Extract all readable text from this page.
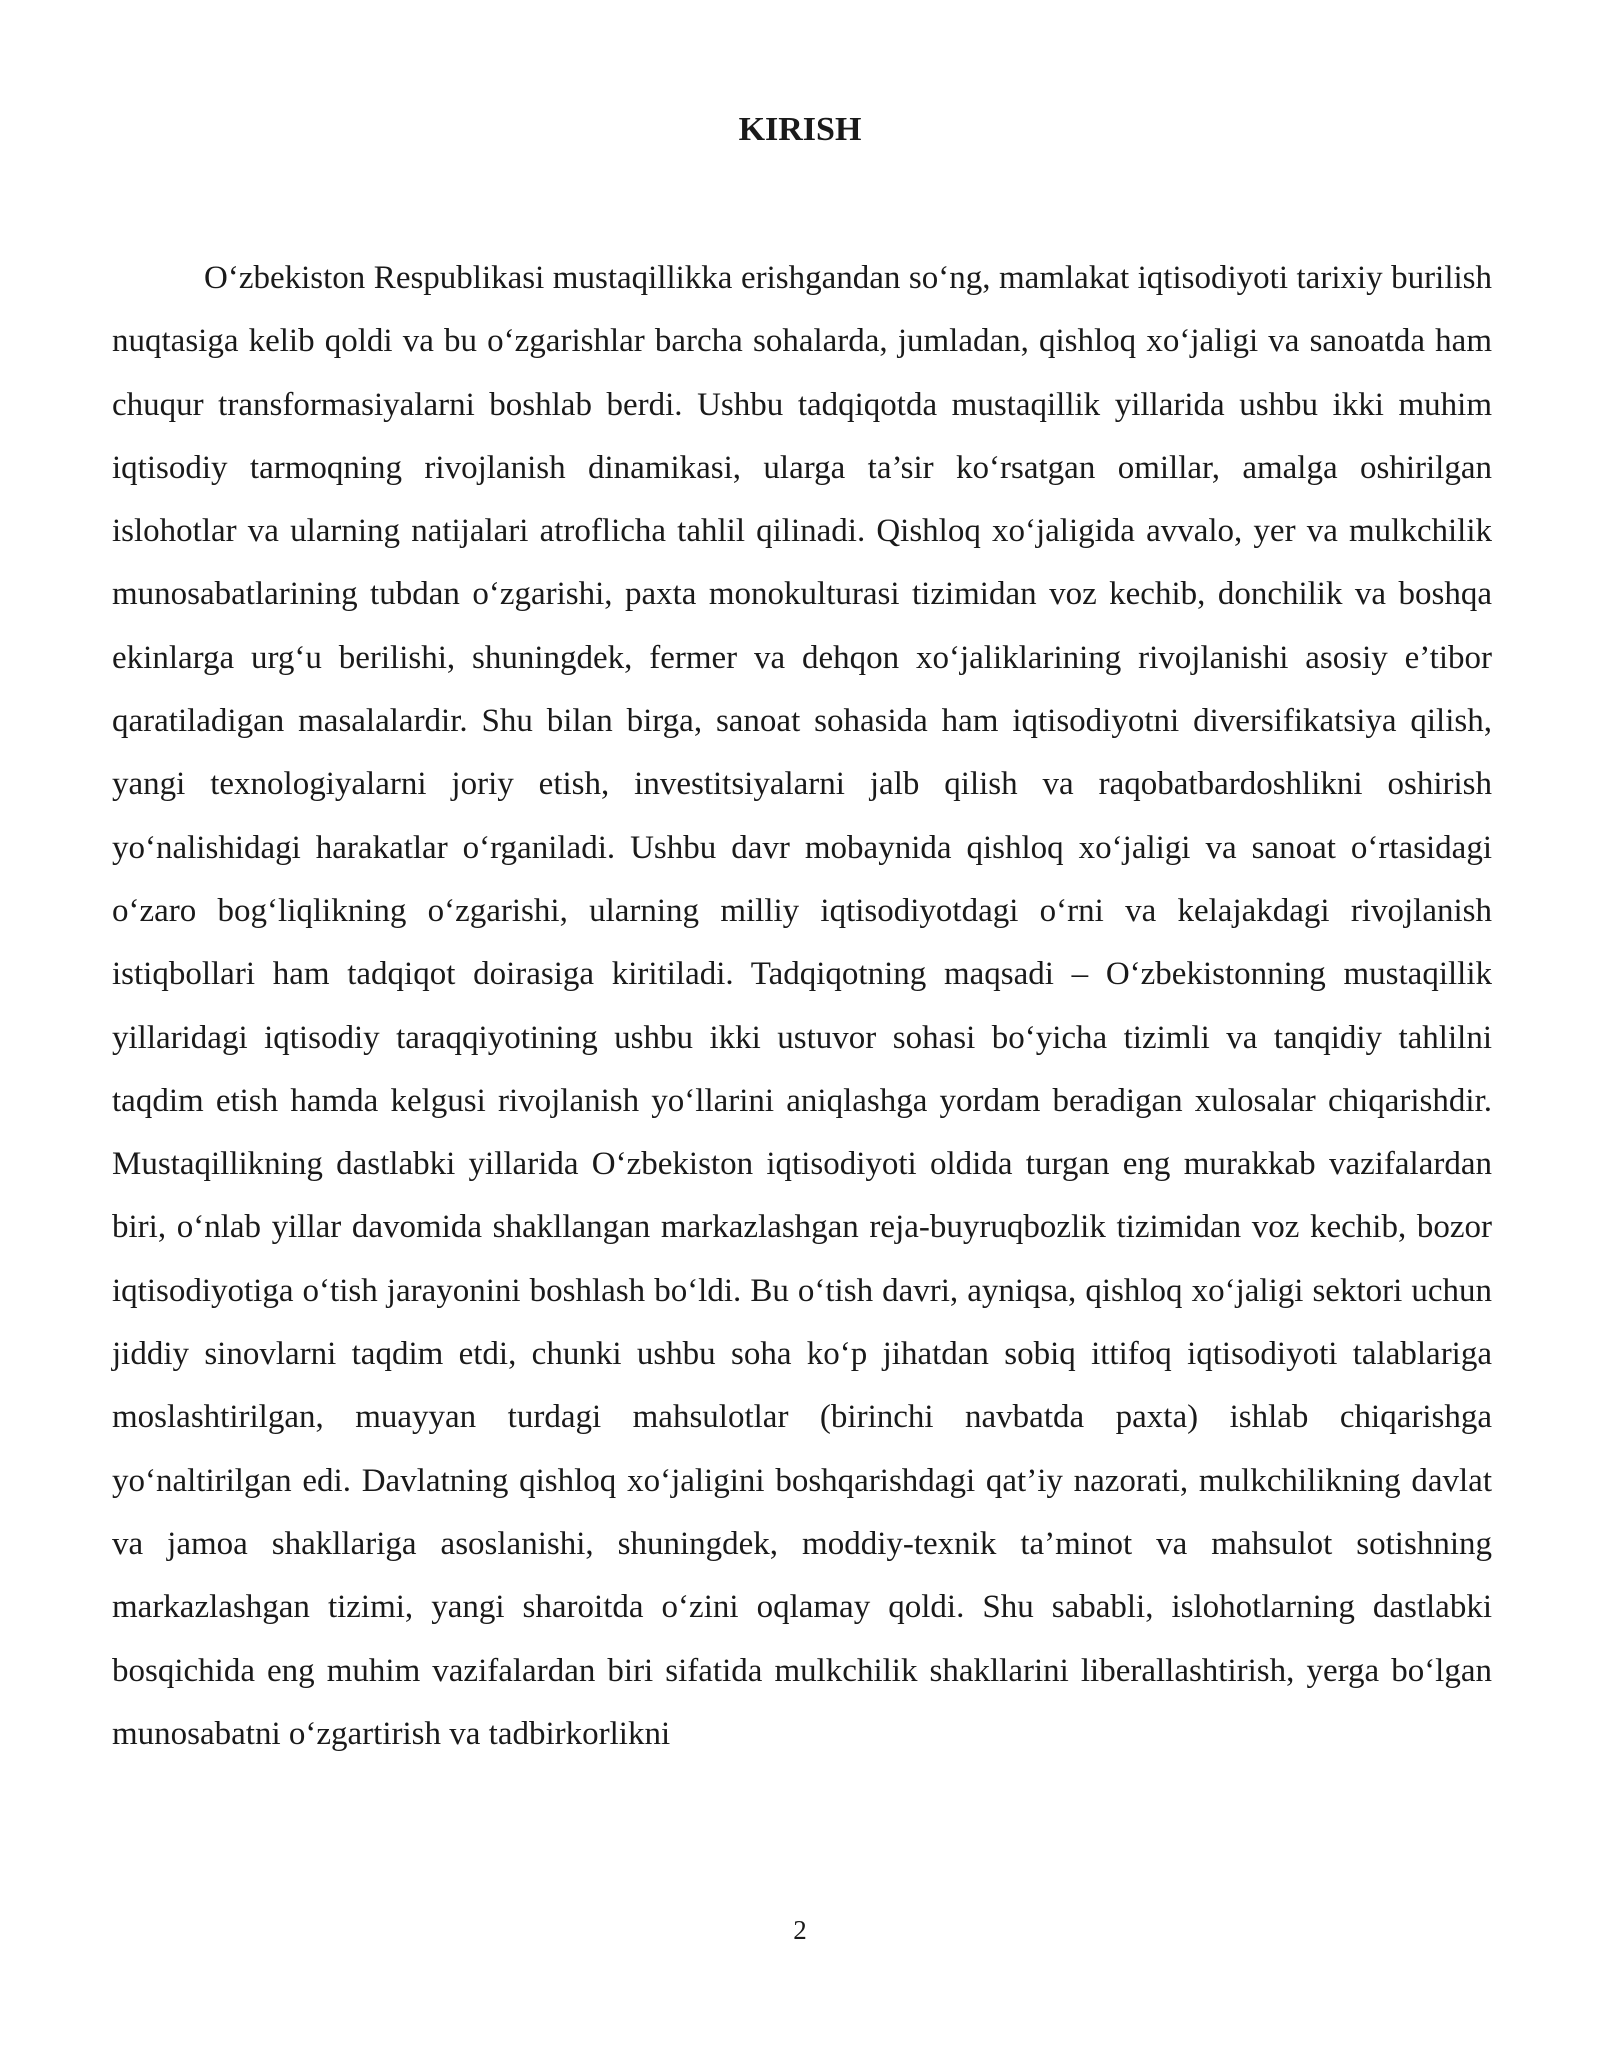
KIRISH

O‘zbekiston Respublikasi mustaqillikka erishgandan so‘ng, mamlakat iqtisodiyoti tarixiy burilish nuqtasiga kelib qoldi va bu o‘zgarishlar barcha sohalarda, jumladan, qishloq xo‘jaligi va sanoatda ham chuqur transformasiyalarni boshlab berdi. Ushbu tadqiqotda mustaqillik yillarida ushbu ikki muhim iqtisodiy tarmoqning rivojlanish dinamikasi, ularga ta’sir ko‘rsatgan omillar, amalga oshirilgan islohotlar va ularning natijalari atroflicha tahlil qilinadi. Qishloq xo‘jaligida avvalo, yer va mulkchilik munosabatlarining tubdan o‘zgarishi, paxta monokulturasi tizimidan voz kechib, donchilik va boshqa ekinlarga urg‘u berilishi, shuningdek, fermer va dehqon xo‘jaliklarining rivojlanishi asosiy e’tibor qaratiladigan masalalardir. Shu bilan birga, sanoat sohasida ham iqtisodiyotni diversifikatsiya qilish, yangi texnologiyalarni joriy etish, investitsiyalarni jalb qilish va raqobatbardoshlikni oshirish yo‘nalishidagi harakatlar o‘rganiladi. Ushbu davr mobaynida qishloq xo‘jaligi va sanoat o‘rtasidagi o‘zaro bog‘liqlikning o‘zgarishi, ularning milliy iqtisodiyotdagi o‘rni va kelajakdagi rivojlanish istiqbollari ham tadqiqot doirasiga kiritiladi. Tadqiqotning maqsadi – O‘zbekistonning mustaqillik yillaridagi iqtisodiy taraqqiyotining ushbu ikki ustuvor sohasi bo‘yicha tizimli va tanqidiy tahlilni taqdim etish hamda kelgusi rivojlanish yo‘llarini aniqlashga yordam beradigan xulosalar chiqarishdir. Mustaqillikning dastlabki yillarida O‘zbekiston iqtisodiyoti oldida turgan eng murakkab vazifalardan biri, o‘nlab yillar davomida shakllangan markazlashgan reja-buyruqbozlik tizimidan voz kechib, bozor iqtisodiyotiga o‘tish jarayonini boshlash bo‘ldi. Bu o‘tish davri, ayniqsa, qishloq xo‘jaligi sektori uchun jiddiy sinovlarni taqdim etdi, chunki ushbu soha ko‘p jihatdan sobiq ittifoq iqtisodiyoti talablariga moslashtirilgan, muayyan turdagi mahsulotlar (birinchi navbatda paxta) ishlab chiqarishga yo‘naltirilgan edi. Davlatning qishloq xo‘jaligini boshqarishdagi qat’iy nazorati, mulkchilikning davlat va jamoa shakllariga asoslanishi, shuningdek, moddiy-texnik ta’minot va mahsulot sotishning markazlashgan tizimi, yangi sharoitda o‘zini oqlamay qoldi. Shu sababli, islohotlarning dastlabki bosqichida eng muhim vazifalardan biri sifatida mulkchilik shakllarini liberallashtirish, yerga bo‘lgan munosabatni o‘zgartirish va tadbirkorlikni

2
